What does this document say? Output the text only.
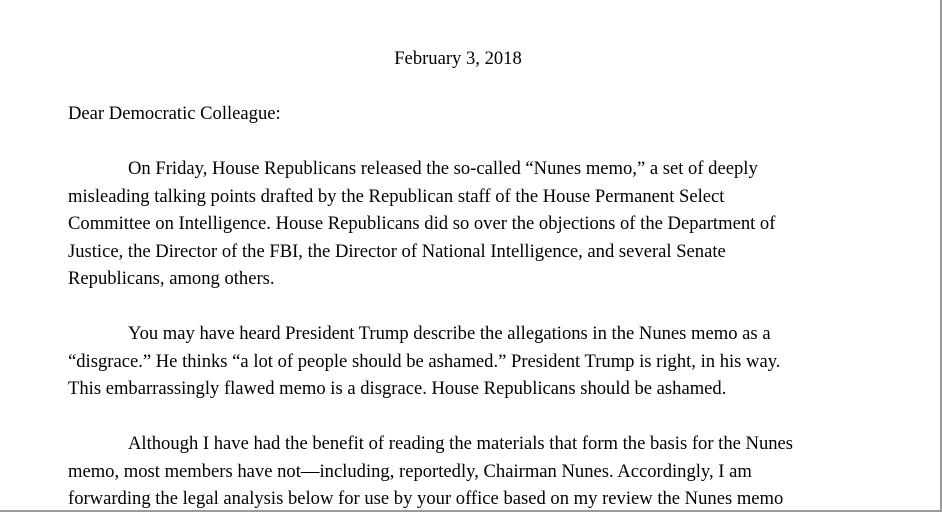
February 3, 2018
Dear Democratic Colleague:
On Friday, House Republicans released the so-called “Nunes memo,” a set of deeply
misleading talking points drafted by the Republican staff of the House Permanent Select
Committee on Intelligence. House Republicans did so over the objections of the Department of
Justice, the Director of the FBI, the Director of National Intelligence, and several Senate
Republicans, among others.
You may have heard President Trump describe the allegations in the Nunes memo as a
“disgrace.” He thinks “a lot of people should be ashamed.” President Trump is right, in his way.
This embarrassingly flawed memo is a disgrace. House Republicans should be ashamed.
Although I have had the benefit of reading the materials that form the basis for the Nunes
memo, most members have not—including, reportedly, Chairman Nunes. Accordingly, I am
forwarding the legal analysis below for use by your office based on my review the Nunes memo
